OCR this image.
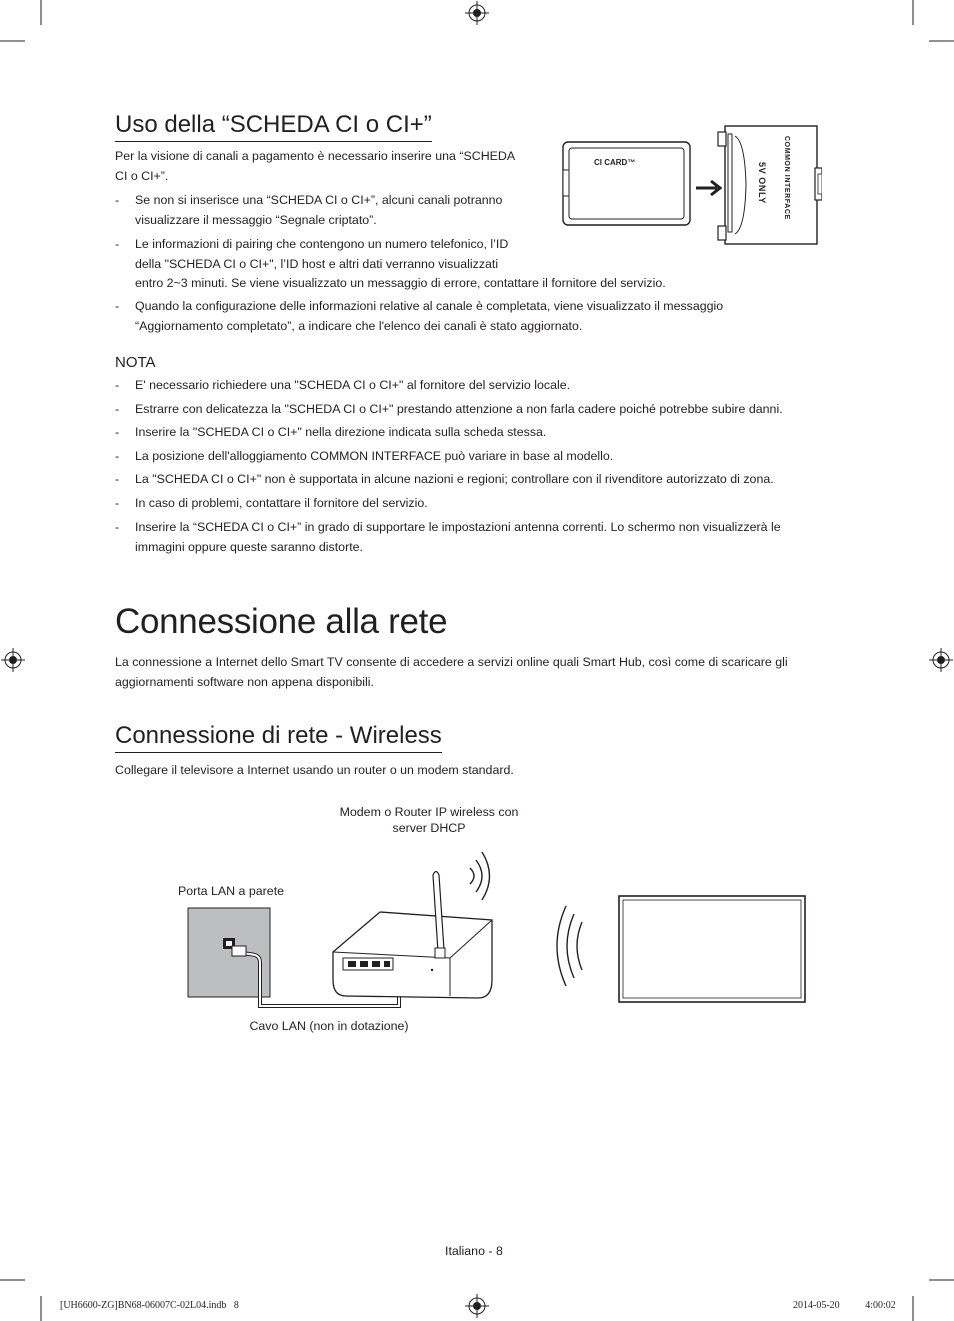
Uso della “SCHEDA CI o CI+”
Per la visione di canali a pagamento è necessario inserire una “SCHEDA
CI o CI+”.
- Se non si inserisce una “SCHEDA CI o CI+”, alcuni canali potranno
visualizzare il messaggio “Segnale criptato”.
- Le informazioni di pairing che contengono un numero telefonico, l’ID
della "SCHEDA CI o CI+", l’ID host e altri dati verranno visualizzati
entro 2~3 minuti. Se viene visualizzato un messaggio di errore, contattare il fornitore del servizio.
- Quando la configurazione delle informazioni relative al canale è completata, viene visualizzato il messaggio
“Aggiornamento completato”, a indicare che l'elenco dei canali è stato aggiornato.
CI CARD™	COMMON INTERFACE
5V ONLY
NOTA
- E' necessario richiedere una "SCHEDA CI o CI+" al fornitore del servizio locale.
- Estrarre con delicatezza la "SCHEDA CI o CI+" prestando attenzione a non farla cadere poiché potrebbe subire danni.
- Inserire la "SCHEDA CI o CI+" nella direzione indicata sulla scheda stessa.
- La posizione dell'alloggiamento COMMON INTERFACE può variare in base al modello.
- La "SCHEDA CI o CI+" non è supportata in alcune nazioni e regioni; controllare con il rivenditore autorizzato di zona.
- In caso di problemi, contattare il fornitore del servizio.
- Inserire la “SCHEDA CI o CI+” in grado di supportare le impostazioni antenna correnti. Lo schermo non visualizzerà le
immagini oppure queste saranno distorte.
Connessione alla rete
La connessione a Internet dello Smart TV consente di accedere a servizi online quali Smart Hub, così come di scaricare gli
aggiornamenti software non appena disponibili.
Connessione di rete - Wireless
Collegare il televisore a Internet usando un router o un modem standard.
Modem o Router IP wireless con
server DHCP
Porta LAN a parete
Cavo LAN (non in dotazione)
Italiano - 8
[UH6600-ZG]BN68-06007C-02L04.indb   8	2014-05-20   ￿￿ 4:00:02
